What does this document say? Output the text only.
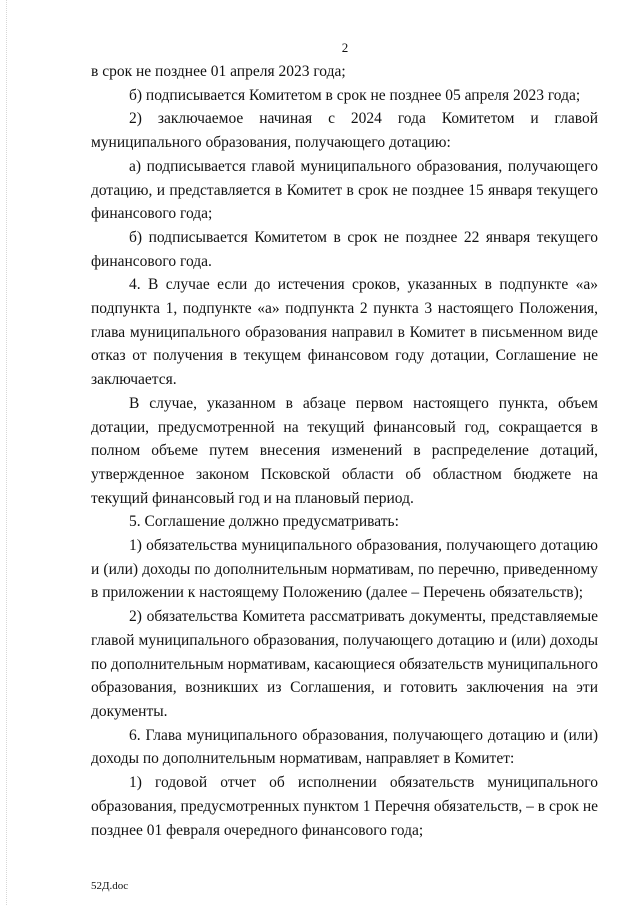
2

в срок не позднее 01 апреля 2023 года;

б) подписывается Комитетом в срок не позднее 05 апреля 2023 года;

2) заключаемое начиная с 2024 года Комитетом и главой муниципального образования, получающего дотацию:

а) подписывается главой муниципального образования, получающего дотацию, и представляется в Комитет в срок не позднее 15 января текущего финансового года;

б) подписывается Комитетом в срок не позднее 22 января текущего финансового года.

4. В случае если до истечения сроков, указанных в подпункте «а» подпункта 1, подпункте «а» подпункта 2 пункта 3 настоящего Положения, глава муниципального образования направил в Комитет в письменном виде отказ от получения в текущем финансовом году дотации, Соглашение не заключается.

В случае, указанном в абзаце первом настоящего пункта, объем дотации, предусмотренной на текущий финансовый год, сокращается в полном объеме путем внесения изменений в распределение дотаций, утвержденное законом Псковской области об областном бюджете на текущий финансовый год и на плановый период.

5. Соглашение должно предусматривать:

1) обязательства муниципального образования, получающего дотацию и (или) доходы по дополнительным нормативам, по перечню, приведенному в приложении к настоящему Положению (далее – Перечень обязательств);

2) обязательства Комитета рассматривать документы, представляемые главой муниципального образования, получающего дотацию и (или) доходы по дополнительным нормативам, касающиеся обязательств муниципального образования, возникших из Соглашения, и готовить заключения на эти документы.

6. Глава муниципального образования, получающего дотацию и (или) доходы по дополнительным нормативам, направляет в Комитет:

1) годовой отчет об исполнении обязательств муниципального образования, предусмотренных пунктом 1 Перечня обязательств, – в срок не позднее 01 февраля очередного финансового года;

52Д.doc
